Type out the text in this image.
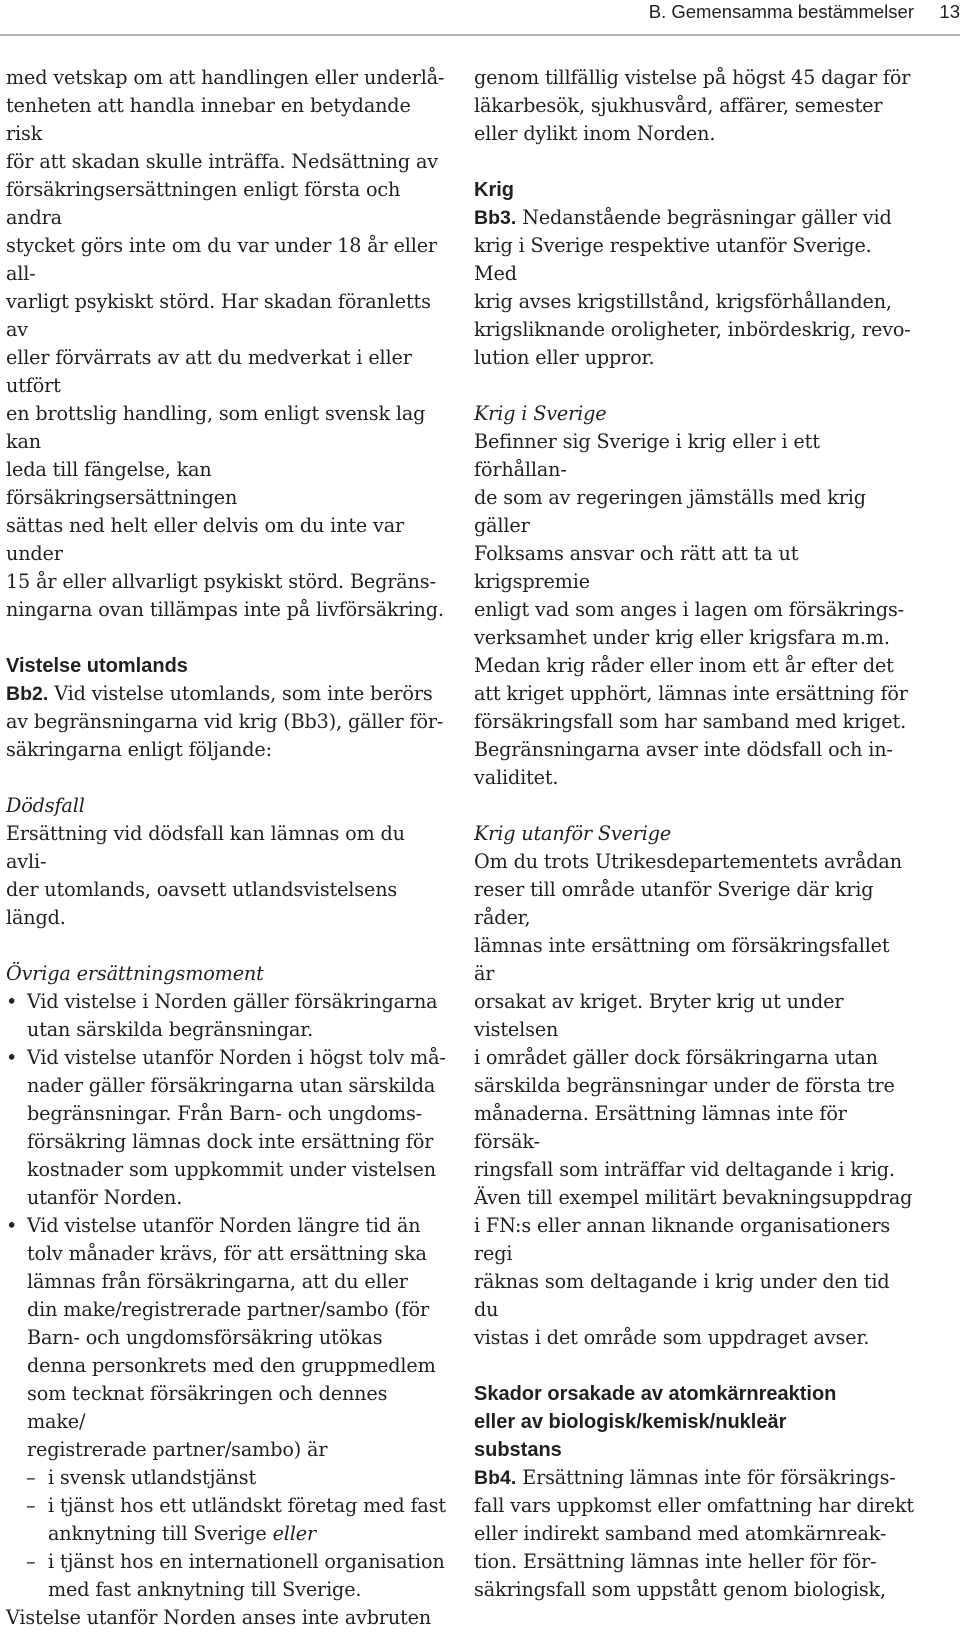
B. Gemensamma bestämmelser 13

med vetskap om att handlingen eller underlå-
tenheten att handla innebar en betydande risk
för att skadan skulle inträffa. Nedsättning av
försäkringsersättningen enligt första och andra
stycket görs inte om du var under 18 år eller all-
varligt psykiskt störd. Har skadan föranletts av
eller förvärrats av att du medverkat i eller utfört
en brottslig handling, som enligt svensk lag kan
leda till fängelse, kan försäkringsersättningen
sättas ned helt eller delvis om du inte var under
15 år eller allvarligt psykiskt störd. Begräns-
ningarna ovan tillämpas inte på livförsäkring.

Vistelse utomlands

Bb2. Vid vistelse utomlands, som inte berörs
av begränsningarna vid krig (Bb3), gäller för-
säkringarna enligt följande:

Dödsfall

Ersättning vid dödsfall kan lämnas om du avli-
der utomlands, oavsett utlandsvistelsens längd.

Övriga ersättningsmoment

• Vid vistelse i Norden gäller försäkringarna
utan särskilda begränsningar.
• Vid vistelse utanför Norden i högst tolv må-
nader gäller försäkringarna utan särskilda
begränsningar. Från Barn- och ungdoms-
försäkring lämnas dock inte ersättning för
kostnader som uppkommit under vistelsen
utanför Norden.
• Vid vistelse utanför Norden längre tid än
tolv månader krävs, för att ersättning ska
lämnas från försäkringarna, att du eller
din make/registrerade partner/sambo (för
Barn- och ungdomsförsäkring utökas
denna personkrets med den gruppmedlem
som tecknat försäkringen och dennes make/
registrerade partner/sambo) är
– i svensk utlandstjänst
– i tjänst hos ett utländskt företag med fast
anknytning till Sverige eller
– i tjänst hos en internationell organisation
med fast anknytning till Sverige.

Vistelse utanför Norden anses inte avbruten

genom tillfällig vistelse på högst 45 dagar för
läkarbesök, sjukhusvård, affärer, semester
eller dylikt inom Norden.

Krig

Bb3. Nedanstående begräsningar gäller vid
krig i Sverige respektive utanför Sverige. Med
krig avses krigstillstånd, krigsförhållanden,
krigsliknande oroligheter, inbördeskrig, revo-
lution eller uppror.

Krig i Sverige

Befinner sig Sverige i krig eller i ett förhållan-
de som av regeringen jämställs med krig gäller
Folksams ansvar och rätt att ta ut krigspremie
enligt vad som anges i lagen om försäkrings-
verksamhet under krig eller krigsfara m.m.
Medan krig råder eller inom ett år efter det
att kriget upphört, lämnas inte ersättning för
försäkringsfall som har samband med kriget.
Begränsningarna avser inte dödsfall och in-
validitet.

Krig utanför Sverige

Om du trots Utrikesdepartementets avrådan
reser till område utanför Sverige där krig råder,
lämnas inte ersättning om försäkringsfallet är
orsakat av kriget. Bryter krig ut under vistelsen
i området gäller dock försäkringarna utan
särskilda begränsningar under de första tre
månaderna. Ersättning lämnas inte för försäk-
ringsfall som inträffar vid deltagande i krig.
Även till exempel militärt bevakningsuppdrag
i FN:s eller annan liknande organisationers regi
räknas som deltagande i krig under den tid du
vistas i det område som uppdraget avser.

Skador orsakade av atomkärnreaktion
eller av biologisk/kemisk/nukleär
substans

Bb4. Ersättning lämnas inte för försäkrings-
fall vars uppkomst eller omfattning har direkt
eller indirekt samband med atomkärnreak-
tion. Ersättning lämnas inte heller för för-
säkringsfall som uppstått genom biologisk,
